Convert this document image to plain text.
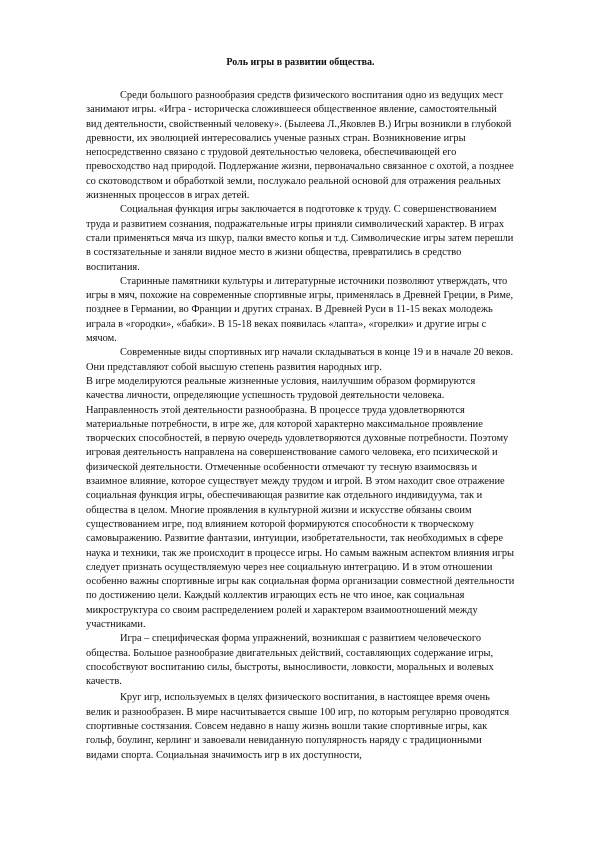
Роль игры в развитии общества.

Среди большого разнообразия средств физического воспитания одно из ведущих мест занимают игры. «Игра - историческа сложившееся общественное явление, самостоятельный вид деятельности, свойственный человеку». (Былеева Л.,Яковлев В.) Игры возникли в глубокой древности, их эволюцией интересовались ученые разных стран. Возникновение игры непосредственно связано с трудовой деятельностью человека, обеспечивающей его превосходство над природой. Подлержание жизни, первоначально связанное с охотой, а позднее со скотоводством и обработкой земли, послужало реальной основой для отражения реальных жизненных процессов в играх детей.

Социальная функция игры заключается в подготовке к труду. С совершенствованием труда и развитием сознания, подражательные игры приняли символический характер. В играх стали применяться мяча из шкур, палки вместо копья и т.д. Символические игры затем перешли в состязательные и заняли видное место в жизни общества, превратились в средство воспитания.

Старинные памятники культуры и литературные источники позволяют утверждать, что игры в мяч, похожие на современные спортивные игры, применялась в Древней Греции, в Риме, позднее в Германии, во Франции и других странах. В Древней Руси в 11-15 веках молодежь играла в «городки», «бабки». В 15-18 веках появилась «лапта», «горелки» и другие игры с мячом.

Современные виды спортивных игр начали складываться в конце 19 и в начале 20 веков. Они представляют собой высшую степень развития народных игр.

В игре моделируются реальные жизненные условия, наилучшим образом формируются качества личности, определяющие успешность трудовой деятельности человека. Направленность этой деятельности разнообразна. В процессе труда удовлетворяются материальные потребности, в игре же, для которой характерно максимальное проявление творческих способностей, в первую очередь удовлетворяются духовные потребности. Поэтому игровая деятельность направлена на совершенствование самого человека, его психической и физической деятельности. Отмеченные особенности отмечают ту тесную взаимосвязь и взаимное влияние, которое существует между трудом и игрой. В этом находит свое отражение социальная функция игры, обеспечивающая развитие как отдельного индивидуума, так и общества в целом. Многие проявления в культурной жизни и искусстве обязаны своим существованием игре, под влиянием которой формируются способности к творческому самовыражению. Развитие фантазии, интуиции, изобретательности, так необходимых в сфере наука и техники, так же происходит в процессе игры. Но самым важным аспектом влияния игры следует признать осуществляемую через нее социальную интеграцию. И в этом отношении особенно важны спортивные игры как социальная форма организации совместной деятельности по достижению цели. Каждый коллектив играющих есть не что иное, как социальная микроструктура со своим распределением ролей и характером взаимоотношений между участниками.

Игра – специфическая форма упражнений, возникшая с развитием человеческого общества. Большое разнообразие двигательных действий, составляющих содержание игры, способствуют воспитанию силы, быстроты, выносливости, ловкости, моральных и волевых качеств.

Круг игр, используемых в целях физического воспитания, в настоящее время очень велик и разнообразен. В мире насчитывается свыше 100 игр, по которым регулярно проводятся спортивные состязания. Совсем недавно в нашу жизнь вошли такие спортивные игры, как гольф, боулинг, керлинг и завоевали невиданную популярность наряду с традиционными видами спорта. Социальная значимость игр в их доступности,
